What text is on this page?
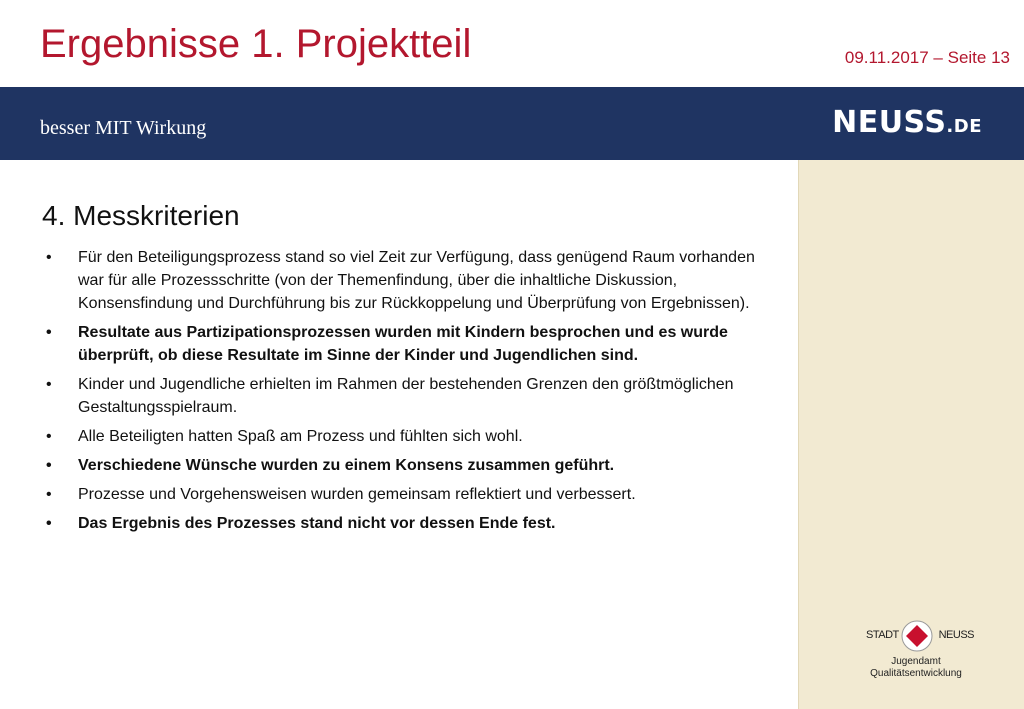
Ergebnisse 1. Projektteil	09.11.2017 – Seite 13
besser MIT Wirkung	NEUSS.DE
4. Messkriterien
• Für den Beteiligungsprozess stand so viel Zeit zur Verfügung, dass genügend Raum vorhanden war für alle Prozessschritte (von der Themenfindung, über die inhaltliche Diskussion, Konsensfindung und Durchführung bis zur Rückkoppelung und Überprüfung von Ergebnissen).
• Resultate aus Partizipationsprozessen wurden mit Kindern besprochen und es wurde überprüft, ob diese Resultate im Sinne der Kinder und Jugendlichen sind.
• Kinder und Jugendliche erhielten im Rahmen der bestehenden Grenzen den größtmöglichen Gestaltungsspielraum.
• Alle Beteiligten hatten Spaß am Prozess und fühlten sich wohl.
• Verschiedene Wünsche wurden zu einem Konsens zusammen geführt.
• Prozesse und Vorgehensweisen wurden gemeinsam reflektiert und verbessert.
• Das Ergebnis des Prozesses stand nicht vor dessen Ende fest.
STADT	NEUSS
Jugendamt
Qualitätsentwicklung
